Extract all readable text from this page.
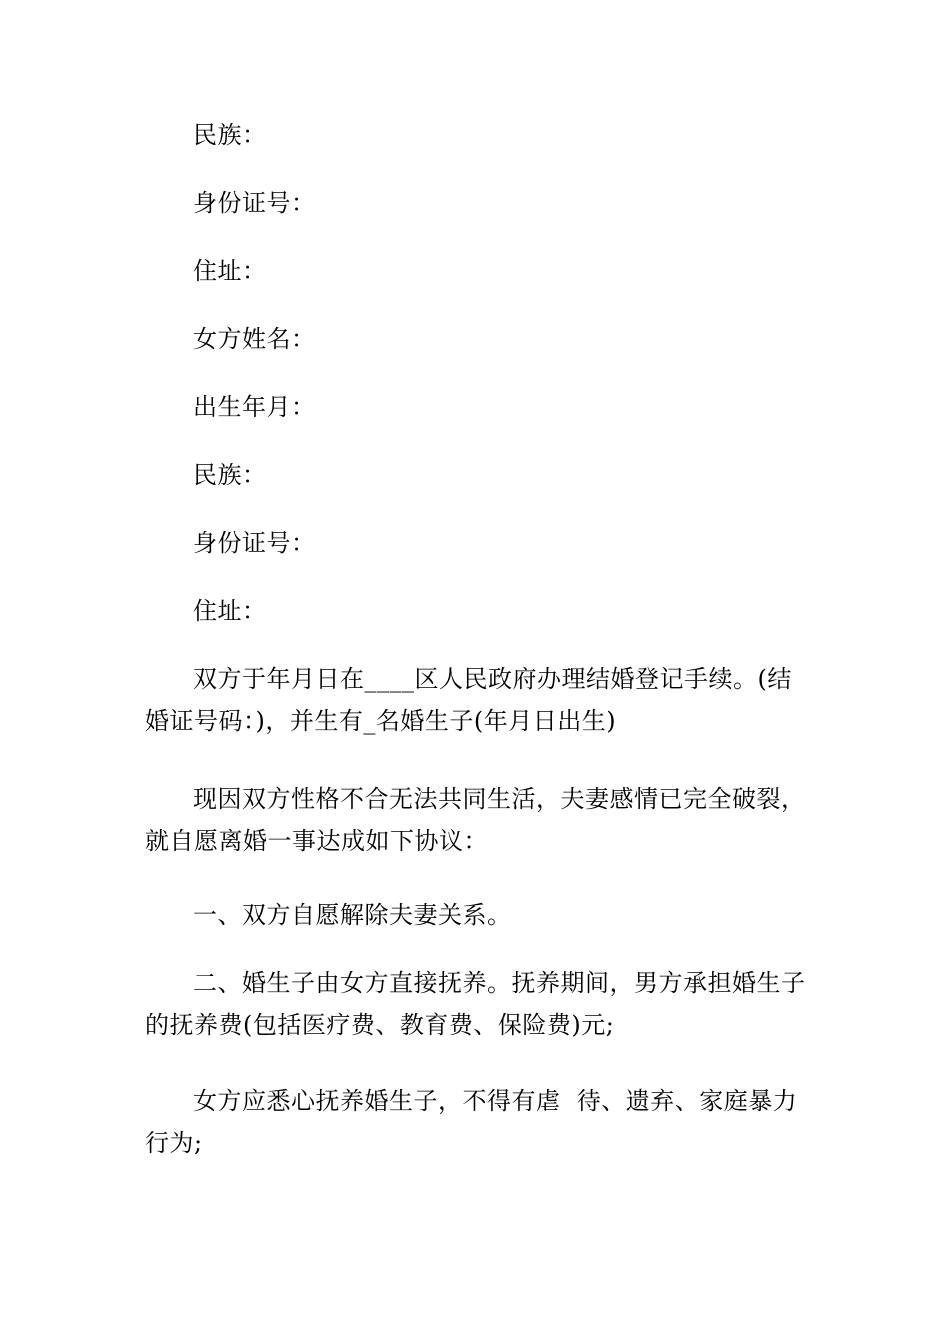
民族：

身份证号：

住址：

女方姓名：

出生年月：

民族：

身份证号：

住址：

双方于年月日在____区人民政府办理结婚登记手续。(结婚证号码：)，并生有_名婚生子(年月日出生)

现因双方性格不合无法共同生活，夫妻感情已完全破裂，就自愿离婚一事达成如下协议：

一、双方自愿解除夫妻关系。

二、婚生子由女方直接抚养。抚养期间，男方承担婚生子的抚养费(包括医疗费、教育费、保险费)元;

女方应悉心抚养婚生子，不得有虐  待、遗弃、家庭暴力行为;
